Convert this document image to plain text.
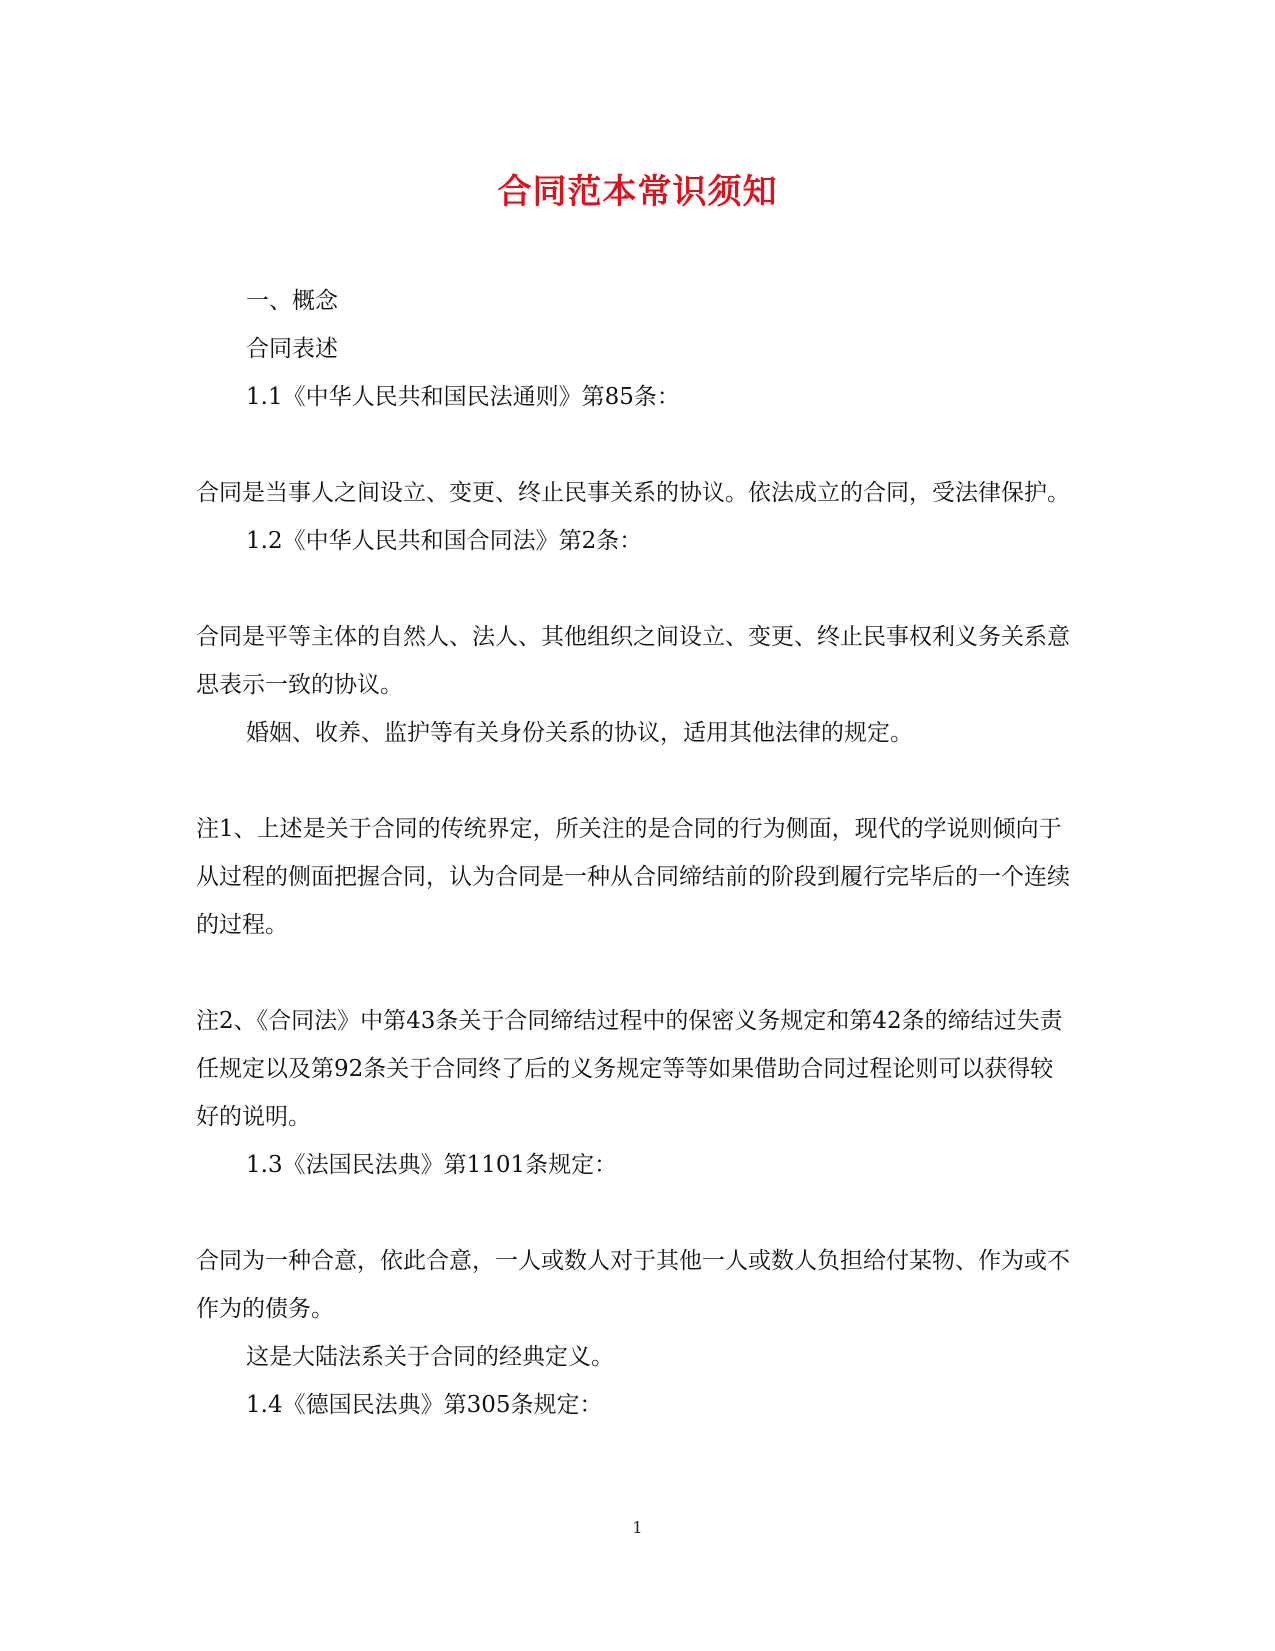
合同范本常识须知

一、概念

合同表述

1.1《中华人民共和国民法通则》第85条：

合同是当事人之间设立、变更、终止民事关系的协议。依法成立的合同，受法律保护。

1.2《中华人民共和国合同法》第2条：

合同是平等主体的自然人、法人、其他组织之间设立、变更、终止民事权利义务关系意思表示一致的协议。

婚姻、收养、监护等有关身份关系的协议，适用其他法律的规定。

注1、上述是关于合同的传统界定，所关注的是合同的行为侧面，现代的学说则倾向于从过程的侧面把握合同，认为合同是一种从合同缔结前的阶段到履行完毕后的一个连续的过程。

注2、《合同法》中第43条关于合同缔结过程中的保密义务规定和第42条的缔结过失责任规定以及第92条关于合同终了后的义务规定等等如果借助合同过程论则可以获得较好的说明。

1.3《法国民法典》第1101条规定：

合同为一种合意，依此合意，一人或数人对于其他一人或数人负担给付某物、作为或不作为的债务。

这是大陆法系关于合同的经典定义。

1.4《德国民法典》第305条规定：

1
